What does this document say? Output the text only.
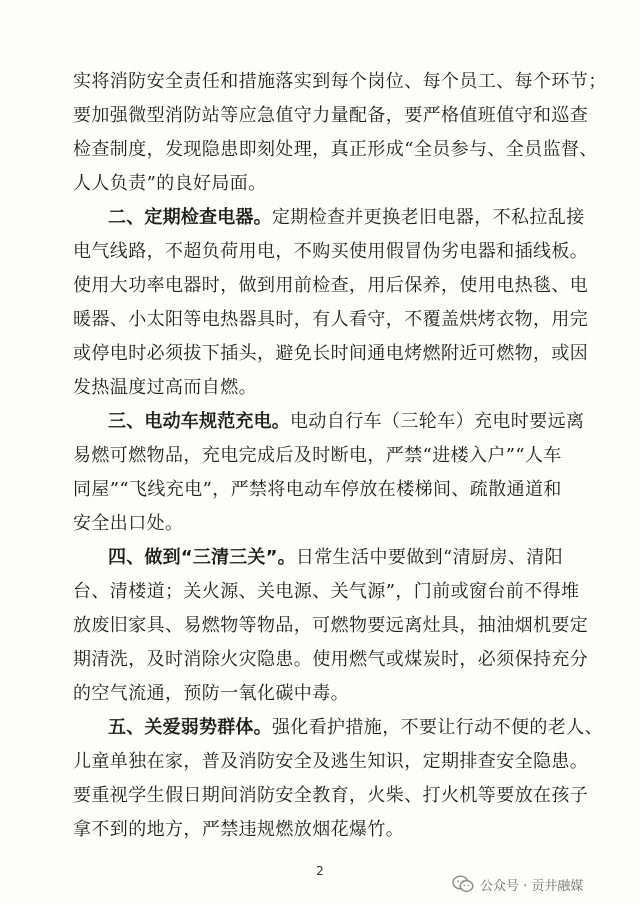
实将消防安全责任和措施落实到每个岗位、每个员工、每个环节；
要加强微型消防站等应急值守力量配备，要严格值班值守和巡查
检查制度，发现隐患即刻处理，真正形成“全员参与、全员监督、
人人负责”的良好局面。
二、定期检查电器。定期检查并更换老旧电器，不私拉乱接
电气线路，不超负荷用电，不购买使用假冒伪劣电器和插线板。
使用大功率电器时，做到用前检查，用后保养，使用电热毯、电
暖器、小太阳等电热器具时，有人看守，不覆盖烘烤衣物，用完
或停电时必须拔下插头，避免长时间通电烤燃附近可燃物，或因
发热温度过高而自燃。
三、电动车规范充电。电动自行车（三轮车）充电时要远离
易燃可燃物品，充电完成后及时断电，严禁“进楼入户”“人车
同屋”“飞线充电”，严禁将电动车停放在楼梯间、疏散通道和
安全出口处。
四、做到“三清三关”。日常生活中要做到“清厨房、清阳
台、清楼道；关火源、关电源、关气源”，门前或窗台前不得堆
放废旧家具、易燃物等物品，可燃物要远离灶具，抽油烟机要定
期清洗，及时消除火灾隐患。使用燃气或煤炭时，必须保持充分
的空气流通，预防一氧化碳中毒。
五、关爱弱势群体。强化看护措施，不要让行动不便的老人、
儿童单独在家，普及消防安全及逃生知识，定期排查安全隐患。
要重视学生假日期间消防安全教育，火柴、打火机等要放在孩子
拿不到的地方，严禁违规燃放烟花爆竹。
2
公众号 · 贡井融媒
